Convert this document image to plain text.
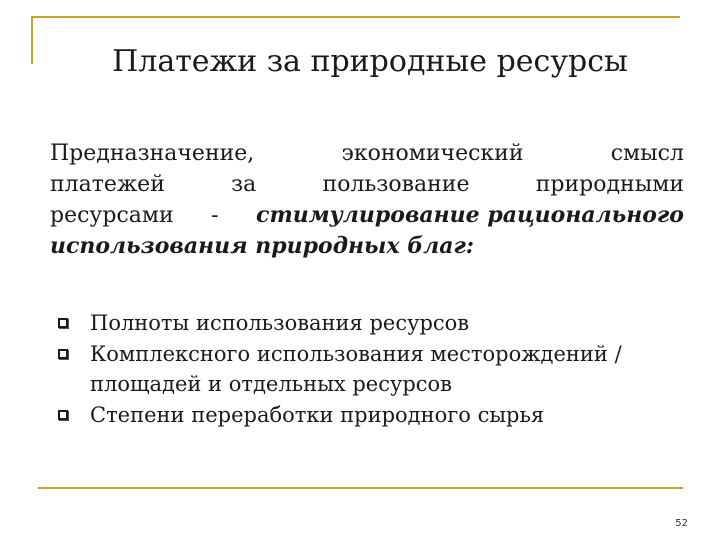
Платежи за природные ресурсы
Предназначение,	экономический	смысл
платежей	за	пользование	природными
ресурсами - стимулирование рационального
использования природных благ:
Полноты использования ресурсов
Комплексного использования месторождений / площадей и отдельных ресурсов
Степени переработки природного сырья
52
